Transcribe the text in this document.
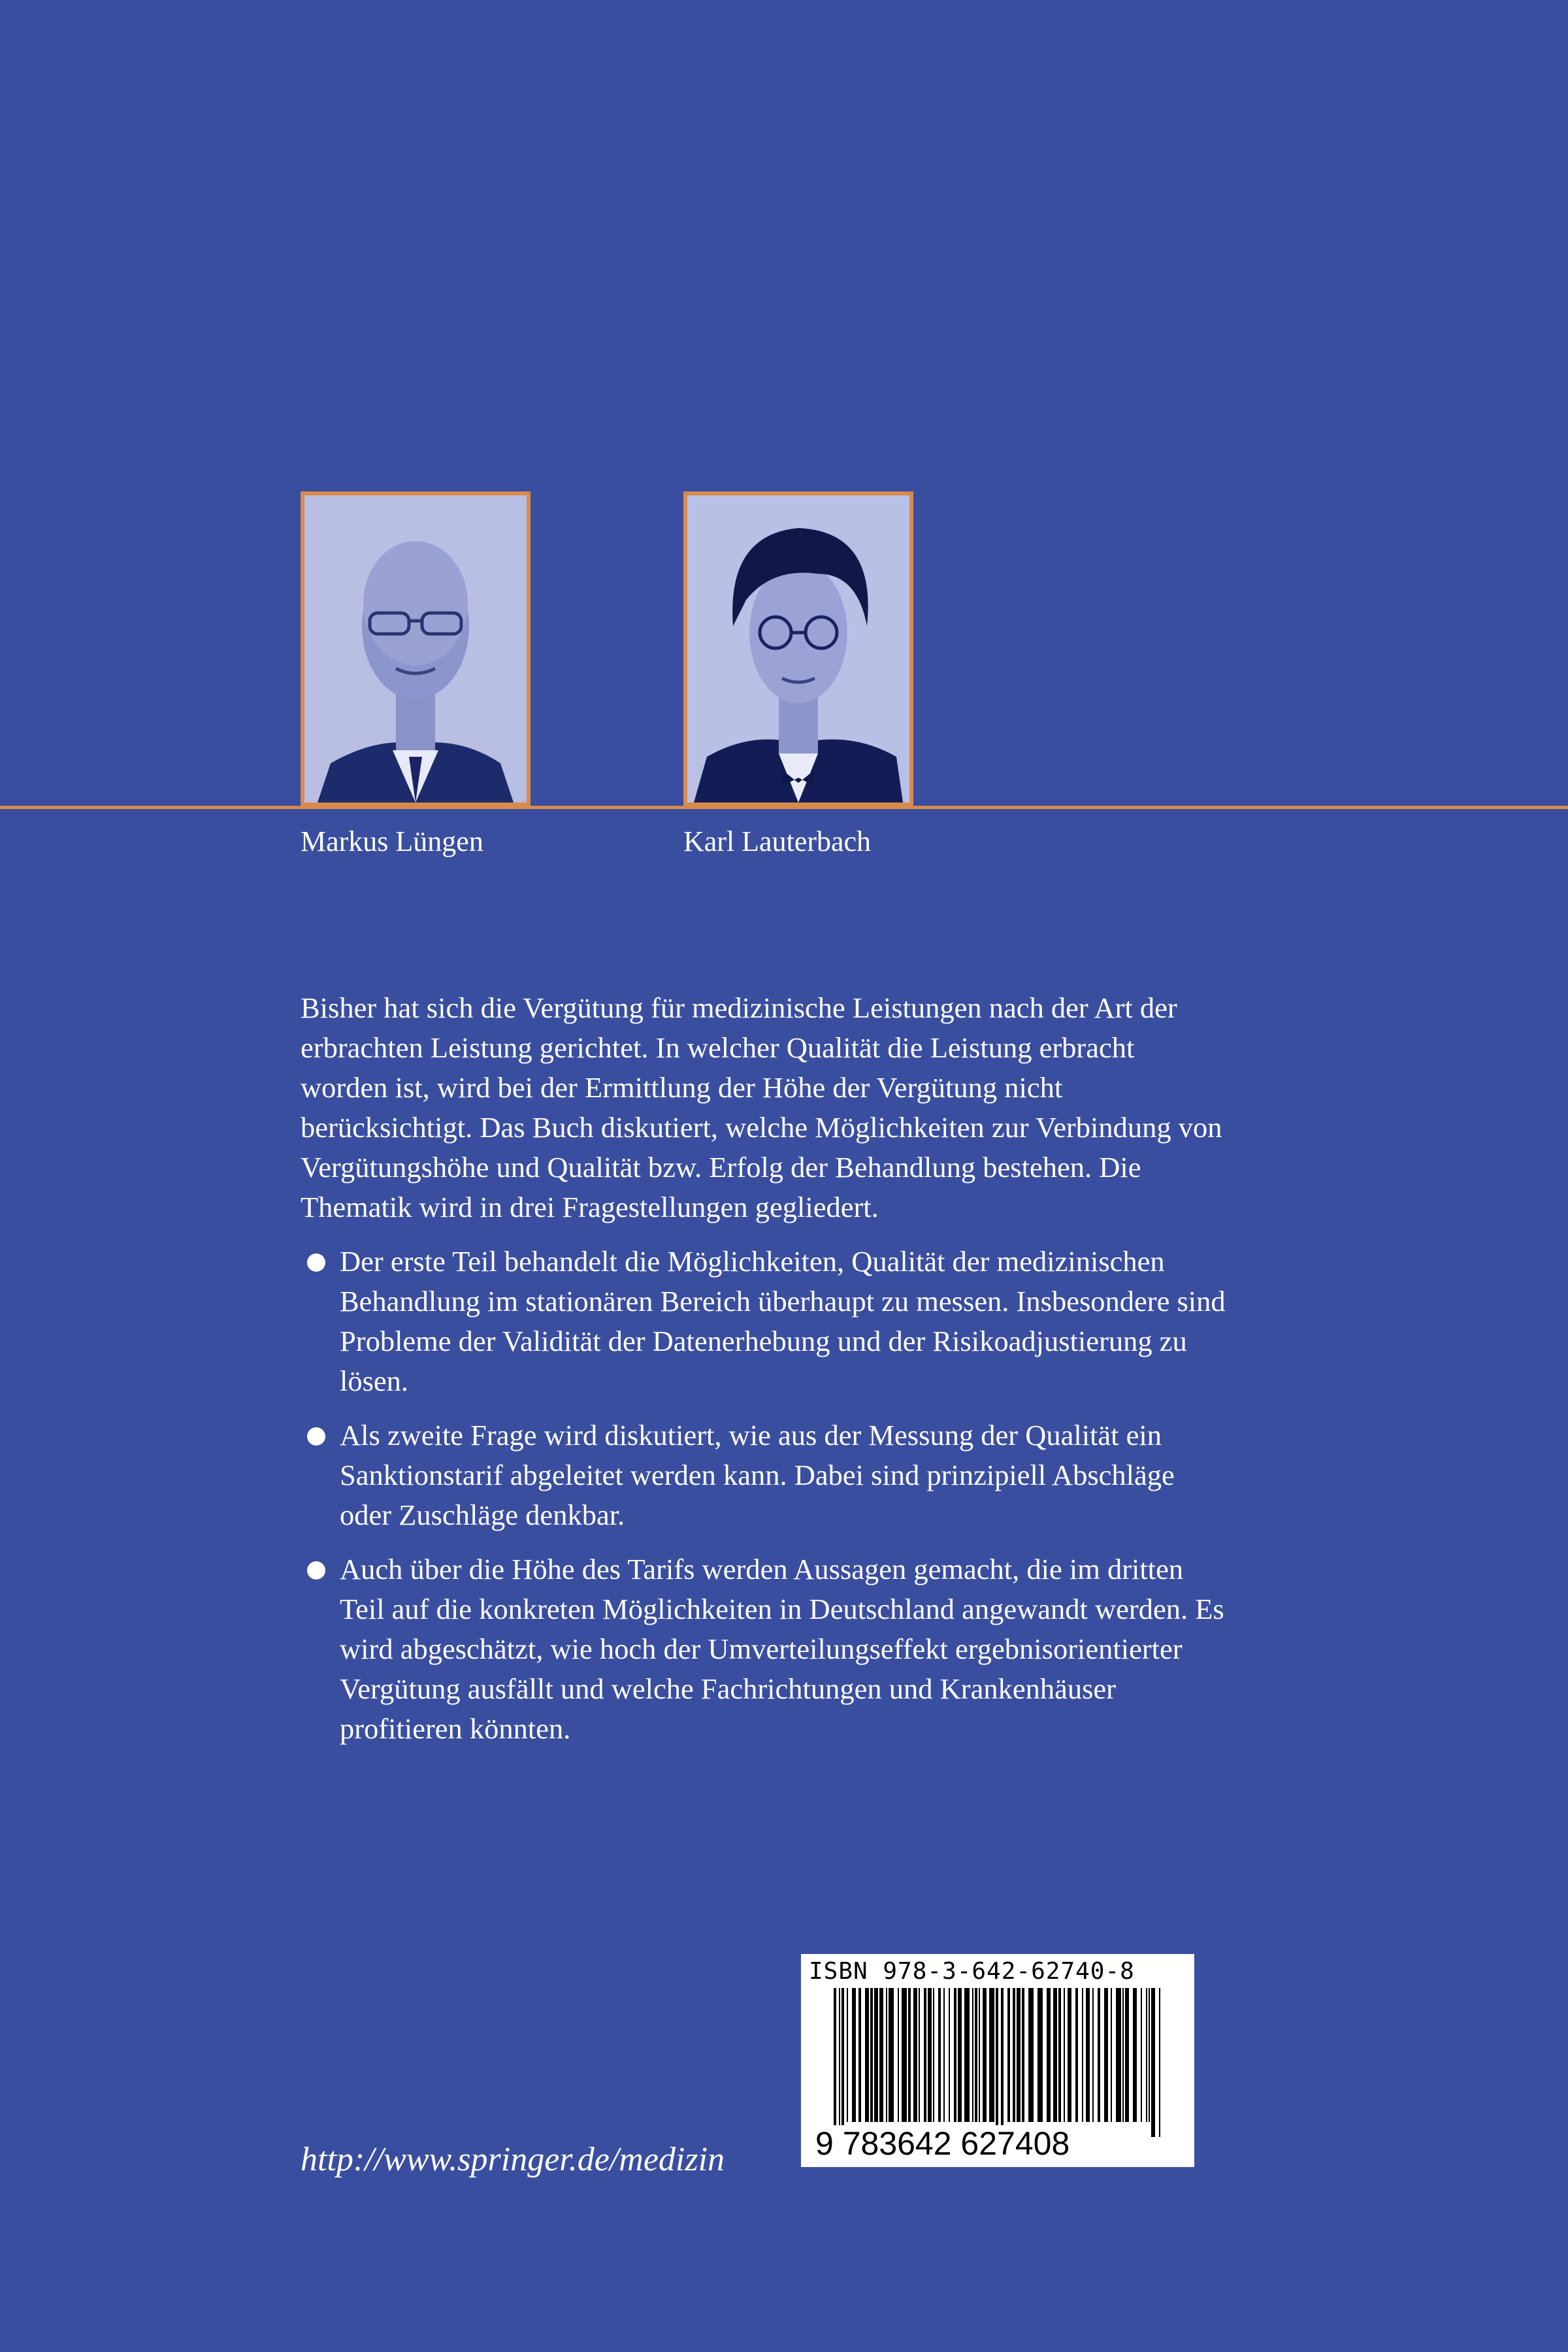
Markus Lüngen	Karl Lauterbach

Bisher hat sich die Vergütung für medizinische Leistungen nach der Art der erbrachten Leistung gerichtet. In welcher Qualität die Leistung erbracht worden ist, wird bei der Ermittlung der Höhe der Vergütung nicht berücksichtigt. Das Buch diskutiert, welche Möglichkeiten zur Verbindung von Vergütungshöhe und Qualität bzw. Erfolg der Behandlung bestehen. Die Thematik wird in drei Fragestellungen gegliedert.

Der erste Teil behandelt die Möglichkeiten, Qualität der medizinischen Behandlung im stationären Bereich überhaupt zu messen. Insbesondere sind Probleme der Validität der Datenerhebung und der Risikoadjustierung zu lösen.
Als zweite Frage wird diskutiert, wie aus der Messung der Qualität ein Sanktionstarif abgeleitet werden kann. Dabei sind prinzipiell Abschläge oder Zuschläge denkbar.
Auch über die Höhe des Tarifs werden Aussagen gemacht, die im dritten Teil auf die konkreten Möglichkeiten in Deutschland angewandt werden. Es wird abgeschätzt, wie hoch der Umverteilungseffekt ergebnisorientierter Vergütung ausfällt und welche Fachrichtungen und Krankenhäuser profitieren könnten.
http://www.springer.de/medizin
ISBN 978-3-642-62740-8
9 783642 627408
